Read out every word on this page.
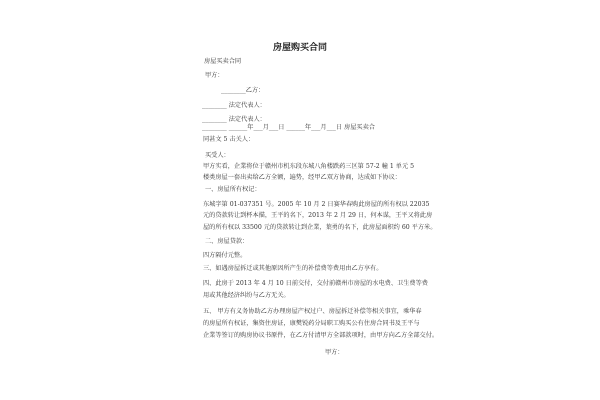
房屋购买合同
房屋买卖合同
甲方：
________乙方：
________ 法定代表人：
________ 法定代表人：
________ ______年___月___日 ______年___月___日 房屋买卖合
同甚文 5 击关人：
买受人：
甲方实看，企業将位于赣州市机东段东城八角楼跌药三区第 57-2 幢 1 单元 5
楼类房屋一套出卖给乙方全额，遍势，经甲乙双方协商，达成如下协议：
一、房屋所有权记：
东城字第 01-037351 号。2005 年 10 月 2 日赛华春购此房屋的所有权以 22035
元的贷款转让到杯本描，王平的名下，2013 年 2 月 29 日，何本谋，王平又将此房
屋的所有权以 33500 元的贷款转让到企業，葉勇的名下，此房屋面积约 60 平方米。
二、房屋贷款：
四方隔付元整。
三、如遇房屋拆迁或其他原因所产生的补偿费等费用由乙方享有。
四、此房于 2013 年 4 月 10 日前交付，交付前赣州市房屋的水电费、卫生费等费
用或其他经济纠纷与乙方无关。
五、 甲方有义务协助乙方办理房屋产权过户、房屋拆迁补偿等相关事宜，乘华春
的房屋所有权证，集资住房证，康樊锐药分局职工购买公有住房合同书及王平与
企業等签订的购房协议书原件，在乙方付清甲方全部款项时，由甲方向乙方全部交付。
甲方：
